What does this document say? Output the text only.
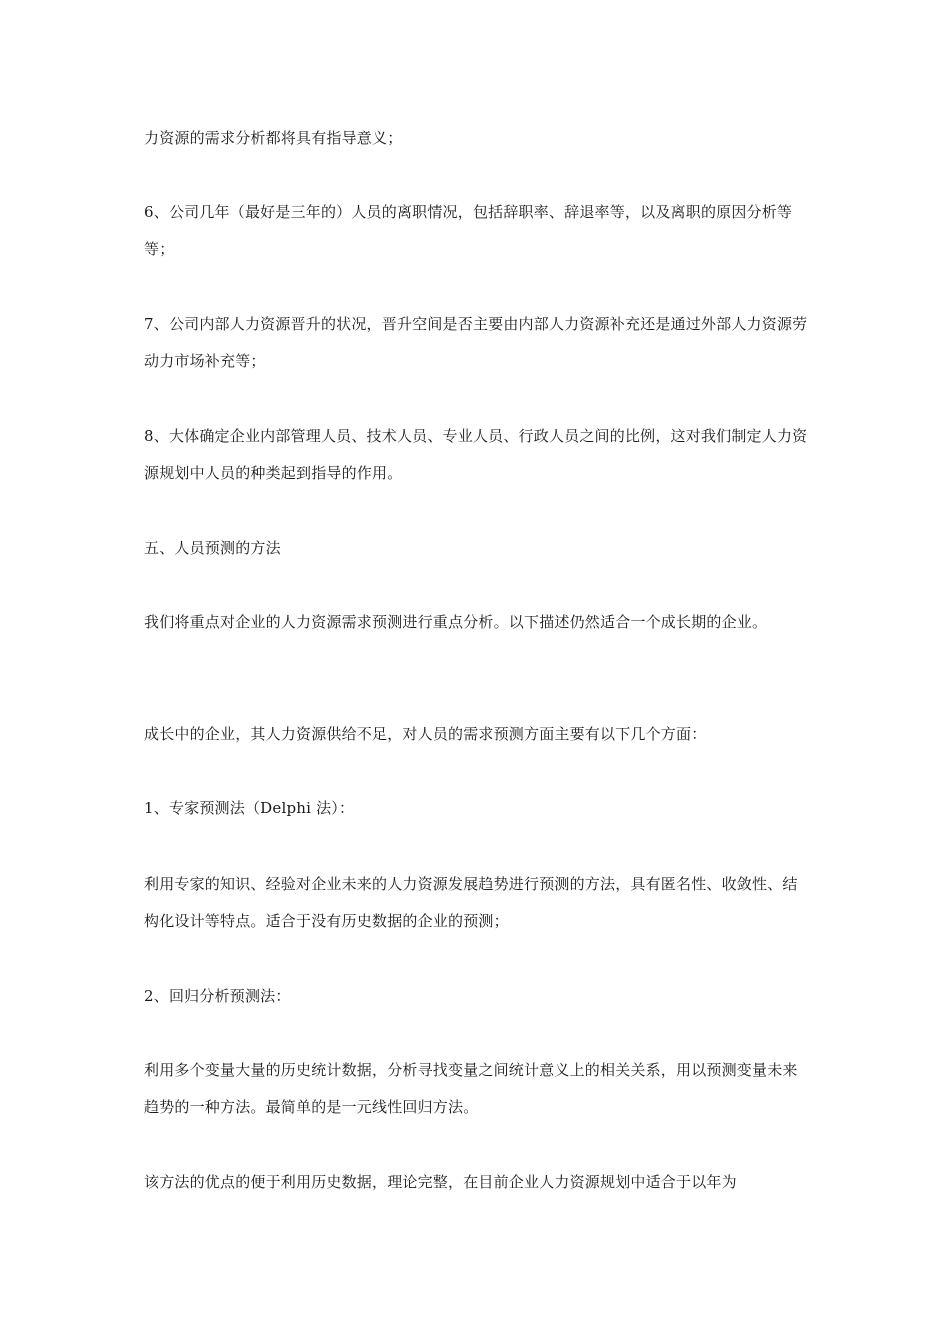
力资源的需求分析都将具有指导意义；

6、公司几年（最好是三年的）人员的离职情况，包括辞职率、辞退率等，以及离职的原因分析等等；

7、公司内部人力资源晋升的状况，晋升空间是否主要由内部人力资源补充还是通过外部人力资源劳动力市场补充等；

8、大体确定企业内部管理人员、技术人员、专业人员、行政人员之间的比例，这对我们制定人力资源规划中人员的种类起到指导的作用。

五、人员预测的方法

我们将重点对企业的人力资源需求预测进行重点分析。以下描述仍然适合一个成长期的企业。

成长中的企业，其人力资源供给不足，对人员的需求预测方面主要有以下几个方面：

1、专家预测法（Delphi 法）：

利用专家的知识、经验对企业未来的人力资源发展趋势进行预测的方法，具有匿名性、收敛性、结构化设计等特点。适合于没有历史数据的企业的预测；

2、回归分析预测法：

利用多个变量大量的历史统计数据，分析寻找变量之间统计意义上的相关关系，用以预测变量未来趋势的一种方法。最简单的是一元线性回归方法。

该方法的优点的便于利用历史数据，理论完整，在目前企业人力资源规划中适合于以年为
